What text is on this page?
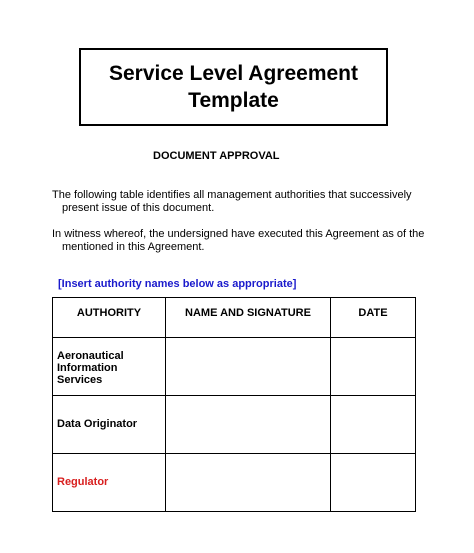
Service Level Agreement
Template
DOCUMENT APPROVAL
The following table identifies all management authorities that successively
present issue of this document.
In witness whereof, the undersigned have executed this Agreement as of the
mentioned in this Agreement.
[Insert authority names below as appropriate]
AUTHORITY	NAME AND SIGNATURE	DATE

Aeronautical
Information
Services		

Data Originator		

Regulator		
